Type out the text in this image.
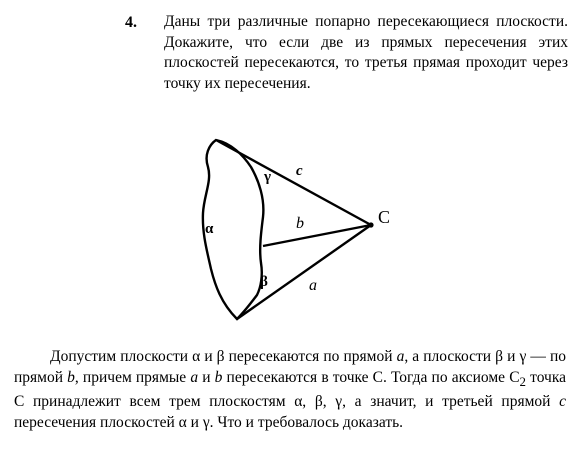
4. Даны три различные попарно пересекающиеся плоскости. Докажите, что если две из прямых пересечения этих плоскостей пересекаются, то третья прямая проходит через точку их пересечения.
c
γ
b
α
β	a
C

Допустим плоскости α и β пересекаются по прямой a, а плоскости β и γ — по прямой b, причем прямые a и b пересекаются в точке С. Тогда по аксиоме $С_2$ точка С принадлежит всем трем плоскостям α, β, γ, а значит, и третьей прямой c пересечения плоскостей α и γ. Что и требовалось доказать.
